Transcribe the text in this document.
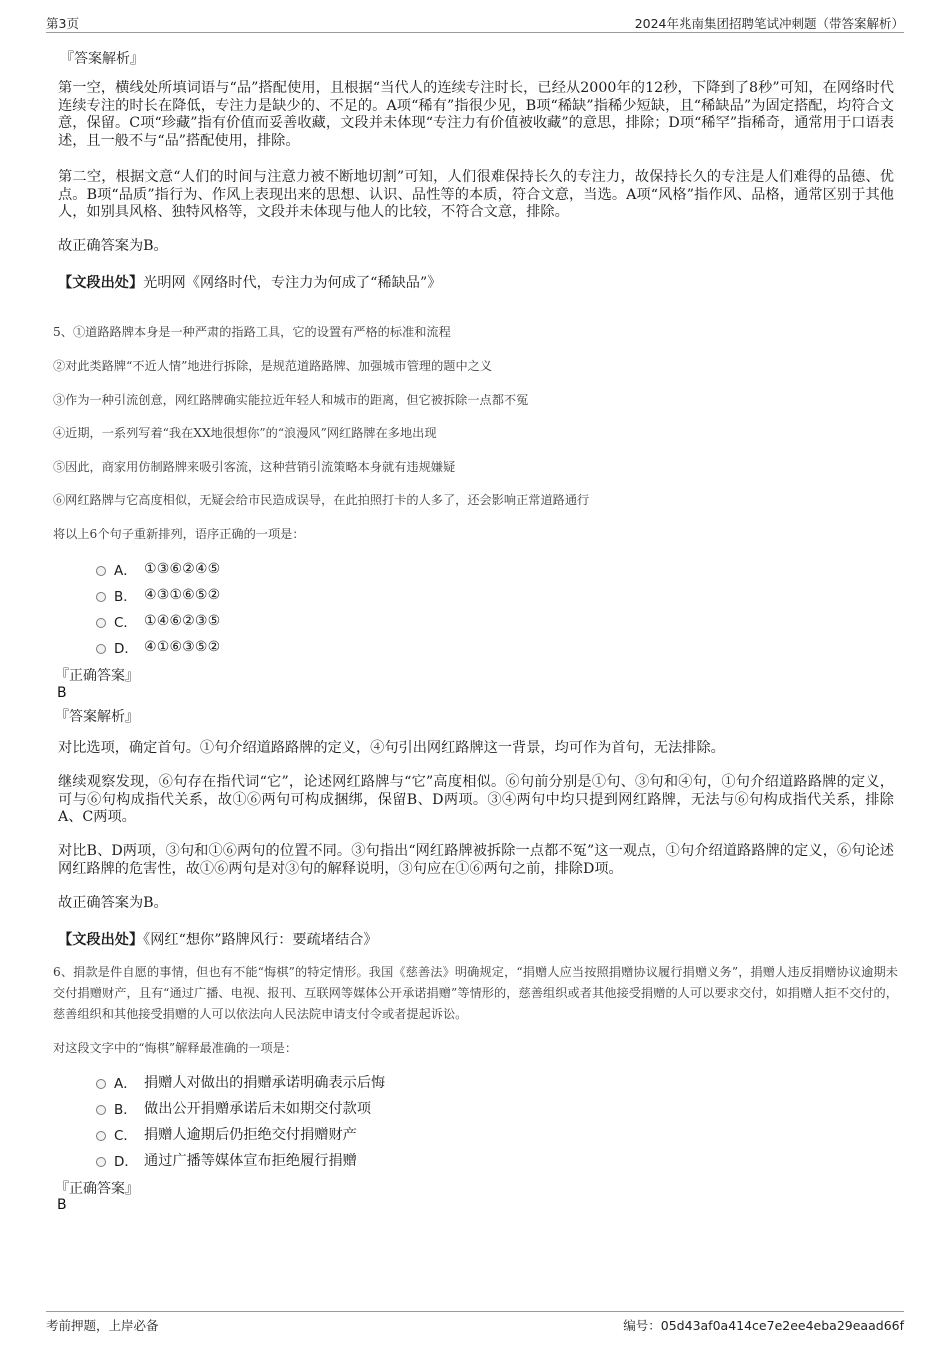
第3页	2024年兆南集团招聘笔试冲刺题（带答案解析）
『答案解析』
第一空，横线处所填词语与“品”搭配使用，且根据“当代人的连续专注时长，已经从2000年的12秒，下降到了8秒”可知，在网络时代连续专注的时长在降低，专注力是缺少的、不足的。A项“稀有”指很少见，B项“稀缺”指稀少短缺，且“稀缺品”为固定搭配，均符合文意，保留。C项“珍藏”指有价值而妥善收藏，文段并未体现“专注力有价值被收藏”的意思，排除；D项“稀罕”指稀奇，通常用于口语表述，且一般不与“品”搭配使用，排除。
第二空，根据文意“人们的时间与注意力被不断地切割”可知，人们很难保持长久的专注力，故保持长久的专注是人们难得的品德、优点。B项“品质”指行为、作风上表现出来的思想、认识、品性等的本质，符合文意，当选。A项“风格”指作风、品格，通常区别于其他人，如别具风格、独特风格等，文段并未体现与他人的比较，不符合文意，排除。
故正确答案为B。
【文段出处】光明网《网络时代，专注力为何成了“稀缺品”》
5、①道路路牌本身是一种严肃的指路工具，它的设置有严格的标准和流程
②对此类路牌“不近人情”地进行拆除，是规范道路路牌、加强城市管理的题中之义
③作为一种引流创意，网红路牌确实能拉近年轻人和城市的距离，但它被拆除一点都不冤
④近期，一系列写着“我在XX地很想你”的“浪漫风”网红路牌在多地出现
⑤因此，商家用仿制路牌来吸引客流，这种营销引流策略本身就有违规嫌疑
⑥网红路牌与它高度相似，无疑会给市民造成误导，在此拍照打卡的人多了，还会影响正常道路通行
将以上6个句子重新排列，语序正确的一项是：
A． ①③⑥②④⑤
B． ④③①⑥⑤②
C． ①④⑥②③⑤
D． ④①⑥③⑤②
『正确答案』
B
『答案解析』
对比选项，确定首句。①句介绍道路路牌的定义，④句引出网红路牌这一背景，均可作为首句，无法排除。
继续观察发现，⑥句存在指代词“它”，论述网红路牌与“它”高度相似。⑥句前分别是①句、③句和④句，①句介绍道路路牌的定义，可与⑥句构成指代关系，故①⑥两句可构成捆绑，保留B、D两项。③④两句中均只提到网红路牌，无法与⑥句构成指代关系，排除A、C两项。
对比B、D两项，③句和①⑥两句的位置不同。③句指出“网红路牌被拆除一点都不冤”这一观点，①句介绍道路路牌的定义，⑥句论述网红路牌的危害性，故①⑥两句是对③句的解释说明，③句应在①⑥两句之前，排除D项。
故正确答案为B。
【文段出处】《网红“想你”路牌风行：要疏堵结合》
6、捐款是件自愿的事情，但也有不能“悔棋”的特定情形。我国《慈善法》明确规定，“捐赠人应当按照捐赠协议履行捐赠义务”，捐赠人违反捐赠协议逾期未交付捐赠财产，且有“通过广播、电视、报刊、互联网等媒体公开承诺捐赠”等情形的，慈善组织或者其他接受捐赠的人可以要求交付，如捐赠人拒不交付的，慈善组织和其他接受捐赠的人可以依法向人民法院申请支付令或者提起诉讼。
对这段文字中的“悔棋”解释最准确的一项是：
A． 捐赠人对做出的捐赠承诺明确表示后悔
B． 做出公开捐赠承诺后未如期交付款项
C． 捐赠人逾期后仍拒绝交付捐赠财产
D． 通过广播等媒体宣布拒绝履行捐赠
『正确答案』
B
考前押题，上岸必备	编号：05d43af0a414ce7e2ee4eba29eaad66f
